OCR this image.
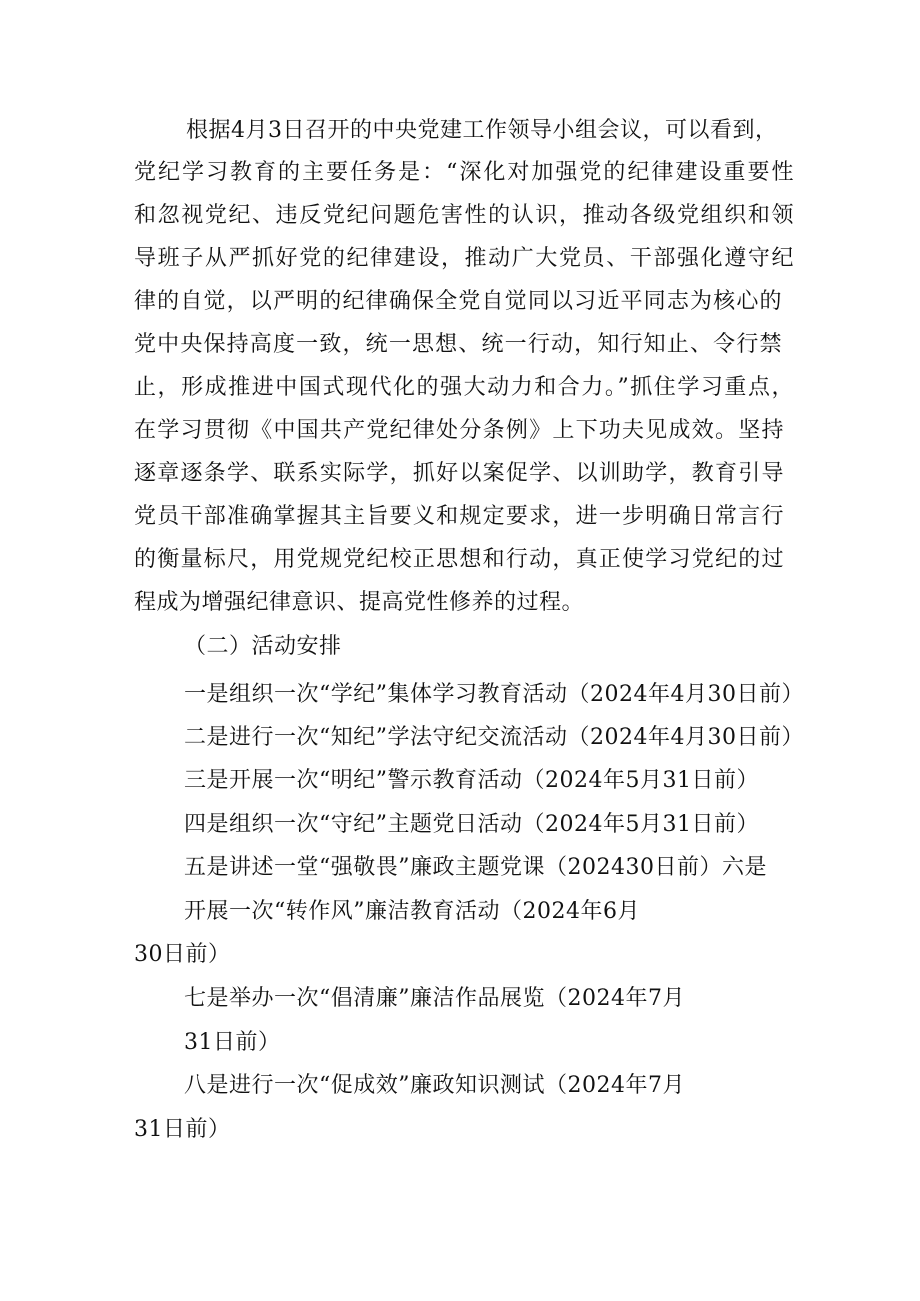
根据4月3日召开的中央党建工作领导小组会议，可以看到，
党纪学习教育的主要任务是：“深化对加强党的纪律建设重要性
和忽视党纪、违反党纪问题危害性的认识，推动各级党组织和领
导班子从严抓好党的纪律建设，推动广大党员、干部强化遵守纪
律的自觉，以严明的纪律确保全党自觉同以习近平同志为核心的
党中央保持高度一致，统一思想、统一行动，知行知止、令行禁
止，形成推进中国式现代化的强大动力和合力。”抓住学习重点，
在学习贯彻《中国共产党纪律处分条例》上下功夫见成效。坚持
逐章逐条学、联系实际学，抓好以案促学、以训助学，教育引导
党员干部准确掌握其主旨要义和规定要求，进一步明确日常言行
的衡量标尺，用党规党纪校正思想和行动，真正使学习党纪的过
程成为增强纪律意识、提高党性修养的过程。
（二）活动安排
一是组织一次“学纪”集体学习教育活动（2024年4月30日前）
二是进行一次“知纪”学法守纪交流活动（2024年4月30日前）
三是开展一次“明纪”警示教育活动（2024年5月31日前）
四是组织一次“守纪”主题党日活动（2024年5月31日前）
五是讲述一堂“强敬畏”廉政主题党课（202430日前）六是
开展一次“转作风”廉洁教育活动（2024年6月
30日前）
七是举办一次“倡清廉”廉洁作品展览（2024年7月
31日前）
八是进行一次“促成效”廉政知识测试（2024年7月
31日前）
